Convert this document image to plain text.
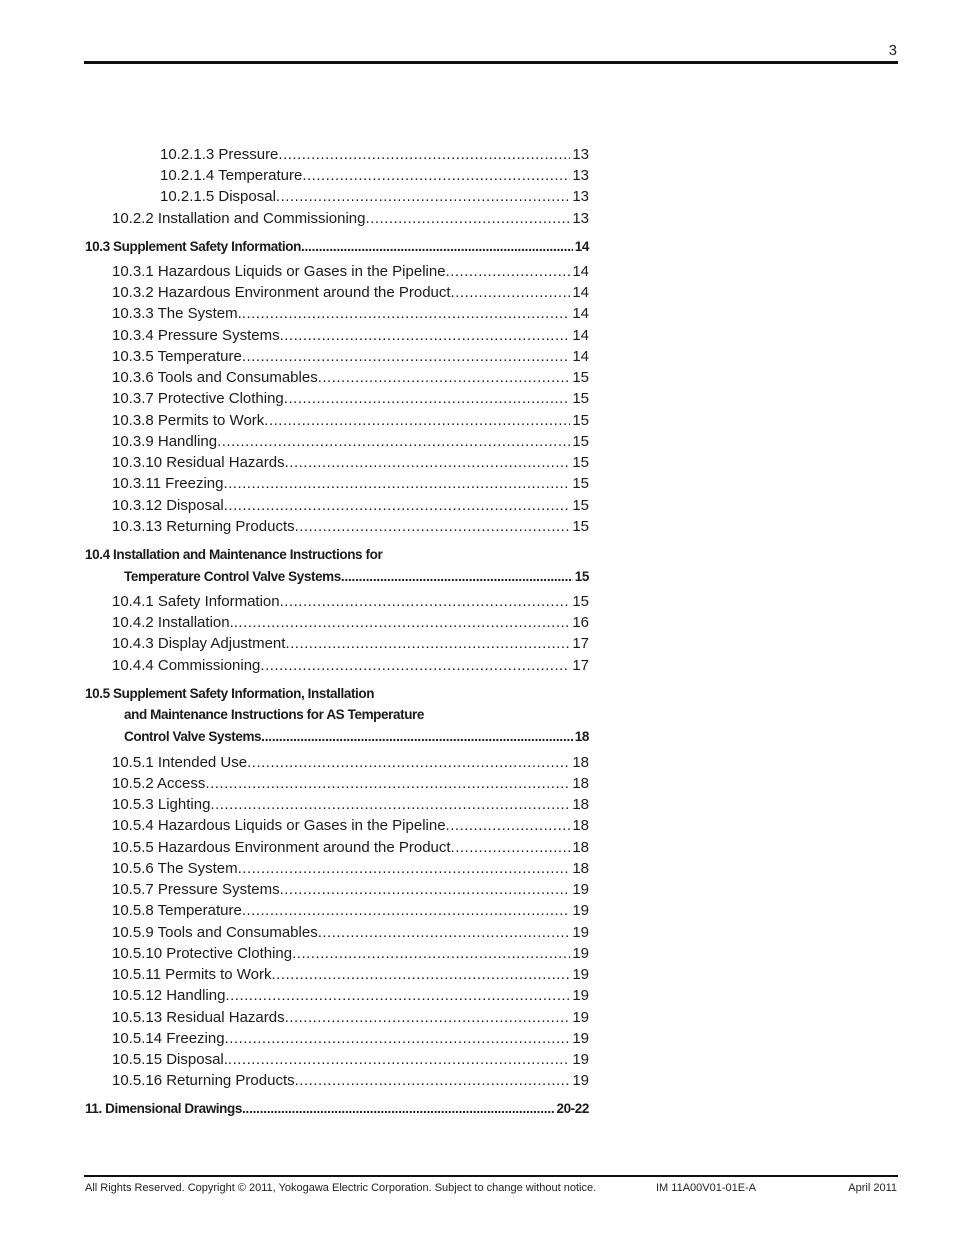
3
10.2.1.3 Pressure .....	13
10.2.1.4 Temperature .....	13
10.2.1.5 Disposal .....	13
10.2.2 Installation and Commissioning .....	13
10.3 Supplement Safety Information .....	14
10.3.1 Hazardous Liquids or Gases in the Pipeline .....	14
10.3.2 Hazardous Environment around the Product .....	14
10.3.3 The System. .....	14
10.3.4 Pressure Systems .....	14
10.3.5 Temperature .....	14
10.3.6 Tools and Consumables .....	15
10.3.7 Protective Clothing .....	15
10.3.8 Permits to Work .....	15
10.3.9 Handling .....	15
10.3.10 Residual Hazards .....	15
10.3.11 Freezing .....	15
10.3.12 Disposal .....	15
10.3.13 Returning Products .....	15
10.4 Installation and Maintenance Instructions for
Temperature Control Valve Systems .....	15
10.4.1 Safety Information .....	15
10.4.2 Installation. .....	16
10.4.3 Display Adjustment .....	17
10.4.4 Commissioning .....	17
10.5 Supplement Safety Information, Installation
and Maintenance Instructions for AS Temperature
Control Valve Systems .....	18
10.5.1 Intended Use .....	18
10.5.2 Access .....	18
10.5.3 Lighting .....	18
10.5.4 Hazardous Liquids or Gases in the Pipeline .....	18
10.5.5 Hazardous Environment around the Product .....	18
10.5.6 The System .....	18
10.5.7 Pressure Systems .....	19
10.5.8 Temperature .....	19
10.5.9 Tools and Consumables .....	19
10.5.10 Protective Clothing .....	19
10.5.11 Permits to Work .....	19
10.5.12 Handling .....	19
10.5.13 Residual Hazards .....	19
10.5.14 Freezing .....	19
10.5.15 Disposal. .....	19
10.5.16 Returning Products .....	19
11. Dimensional Drawings .....	20-22
All Rights Reserved. Copyright © 2011, Yokogawa Electric Corporation. Subject to change without notice.	IM 11A00V01-01E-A	April 2011
